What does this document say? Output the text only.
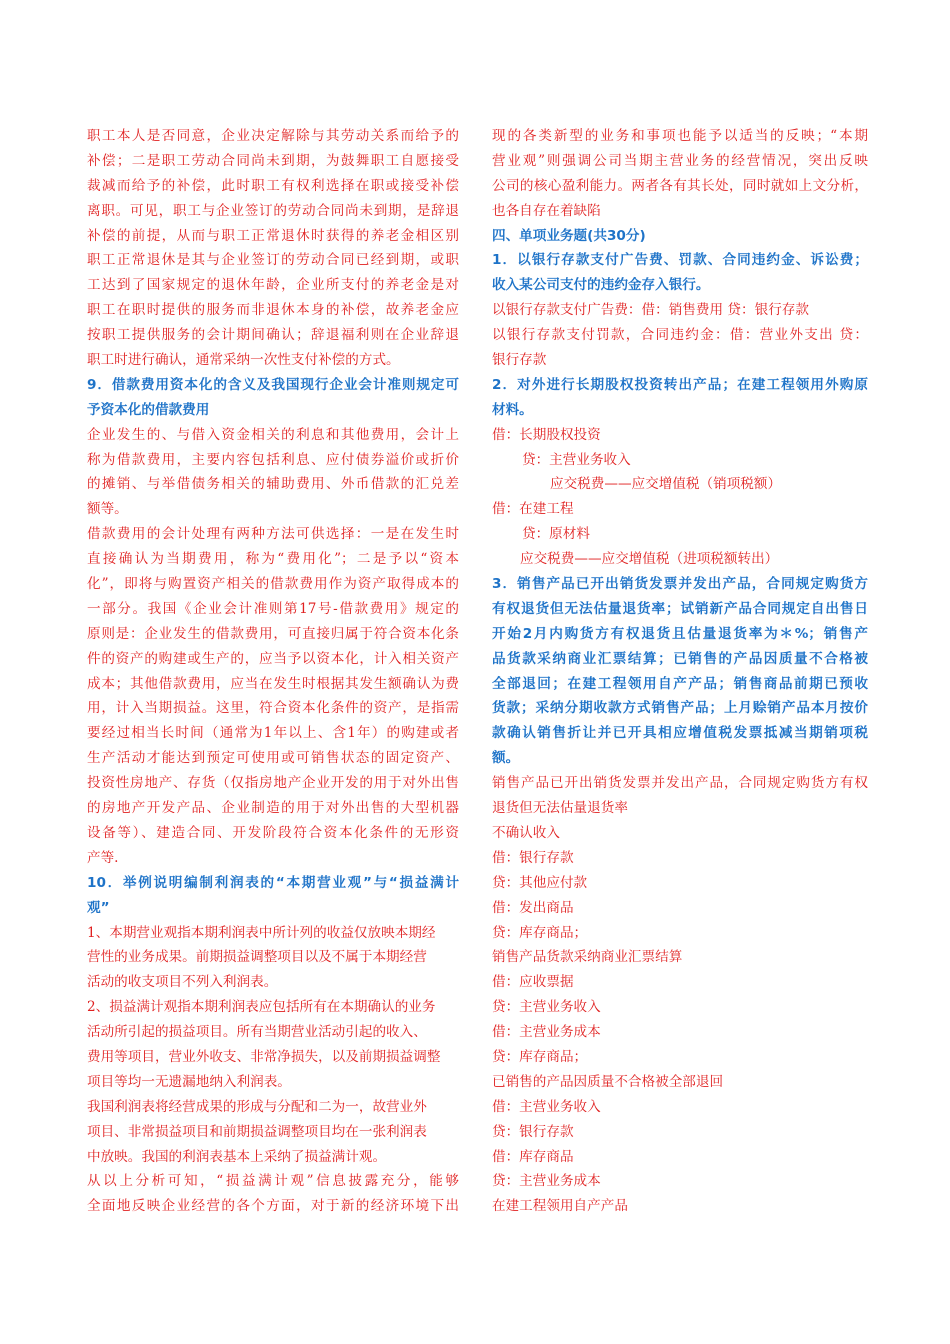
职工本人是否同意，企业决定解除与其劳动关系而给予的
补偿；二是职工劳动合同尚未到期，为鼓舞职工自愿接受
裁减而给予的补偿，此时职工有权利选择在职或接受补偿
离职。可见，职工与企业签订的劳动合同尚未到期，是辞退
补偿的前提，从而与职工正常退休时获得的养老金相区别
职工正常退休是其与企业签订的劳动合同已经到期，或职
工达到了国家规定的退休年龄，企业所支付的养老金是对
职工在职时提供的服务而非退休本身的补偿，故养老金应
按职工提供服务的会计期间确认；辞退福利则在企业辞退
职工时进行确认，通常采纳一次性支付补偿的方式。
9．借款费用资本化的含义及我国现行企业会计准则规定可
予资本化的借款费用
企业发生的、与借入资金相关的利息和其他费用，会计上
称为借款费用，主要内容包括利息、应付债券溢价或折价
的摊销、与举借债务相关的辅助费用、外币借款的汇兑差
额等。
借款费用的会计处理有两种方法可供选择：一是在发生时
直接确认为当期费用，称为“费用化”；二是予以“资本
化”，即将与购置资产相关的借款费用作为资产取得成本的
一部分。我国《企业会计准则第17号-借款费用》规定的
原则是：企业发生的借款费用，可直接归属于符合资本化条
件的资产的购建或生产的，应当予以资本化，计入相关资产
成本；其他借款费用，应当在发生时根据其发生额确认为费
用，计入当期损益。这里，符合资本化条件的资产，是指需
要经过相当长时间（通常为1年以上、含1年）的购建或者
生产活动才能达到预定可使用或可销售状态的固定资产、
投资性房地产、存货（仅指房地产企业开发的用于对外出售
的房地产开发产品、企业制造的用于对外出售的大型机器
设备等）、建造合同、开发阶段符合资本化条件的无形资
产等.
10．举例说明编制利润表的“本期营业观”与“损益满计
观”
1、本期营业观指本期利润表中所计列的收益仅放映本期经
营性的业务成果。前期损益调整项目以及不属于本期经营
活动的收支项目不列入利润表。
2、损益满计观指本期利润表应包括所有在本期确认的业务
活动所引起的损益项目。所有当期营业活动引起的收入、
费用等项目，营业外收支、非常净损失，以及前期损益调整
项目等均一无遗漏地纳入利润表。
我国利润表将经营成果的形成与分配和二为一，故营业外
项目、非常损益项目和前期损益调整项目均在一张利润表
中放映。我国的利润表基本上采纳了损益满计观。
从以上分析可知，“损益满计观”信息披露充分，能够
全面地反映企业经营的各个方面，对于新的经济环境下出
现的各类新型的业务和事项也能予以适当的反映；“本期
营业观”则强调公司当期主营业务的经营情况，突出反映
公司的核心盈利能力。两者各有其长处，同时就如上文分析，
也各自存在着缺陷
四、单项业务题(共30分)
1．以银行存款支付广告费、罚款、合同违约金、诉讼费；
收入某公司支付的违约金存入银行。
以银行存款支付广告费：借：销售费用 贷：银行存款
以银行存款支付罚款，合同违约金：借：营业外支出 贷：
银行存款
2．对外进行长期股权投资转出产品；在建工程领用外购原
材料。
借：长期股权投资
贷：主营业务收入
应交税费——应交增值税（销项税额）
借：在建工程
贷：原材料
应交税费——应交增值税（进项税额转出）
3．销售产品已开出销货发票并发出产品，合同规定购货方
有权退货但无法估量退货率；试销新产品合同规定自出售日
开始2月内购货方有权退货且估量退货率为＊%；销售产
品货款采纳商业汇票结算；已销售的产品因质量不合格被
全部退回；在建工程领用自产产品；销售商品前期已预收
货款；采纳分期收款方式销售产品；上月赊销产品本月按价
款确认销售折让并已开具相应增值税发票抵减当期销项税
额。
销售产品已开出销货发票并发出产品，合同规定购货方有权
退货但无法估量退货率
不确认收入
借：银行存款
贷：其他应付款
借：发出商品
贷：库存商品；
销售产品货款采纳商业汇票结算
借：应收票据
贷：主营业务收入
借：主营业务成本
贷：库存商品；
已销售的产品因质量不合格被全部退回
借：主营业务收入
贷：银行存款
借：库存商品
贷：主营业务成本
在建工程领用自产产品
